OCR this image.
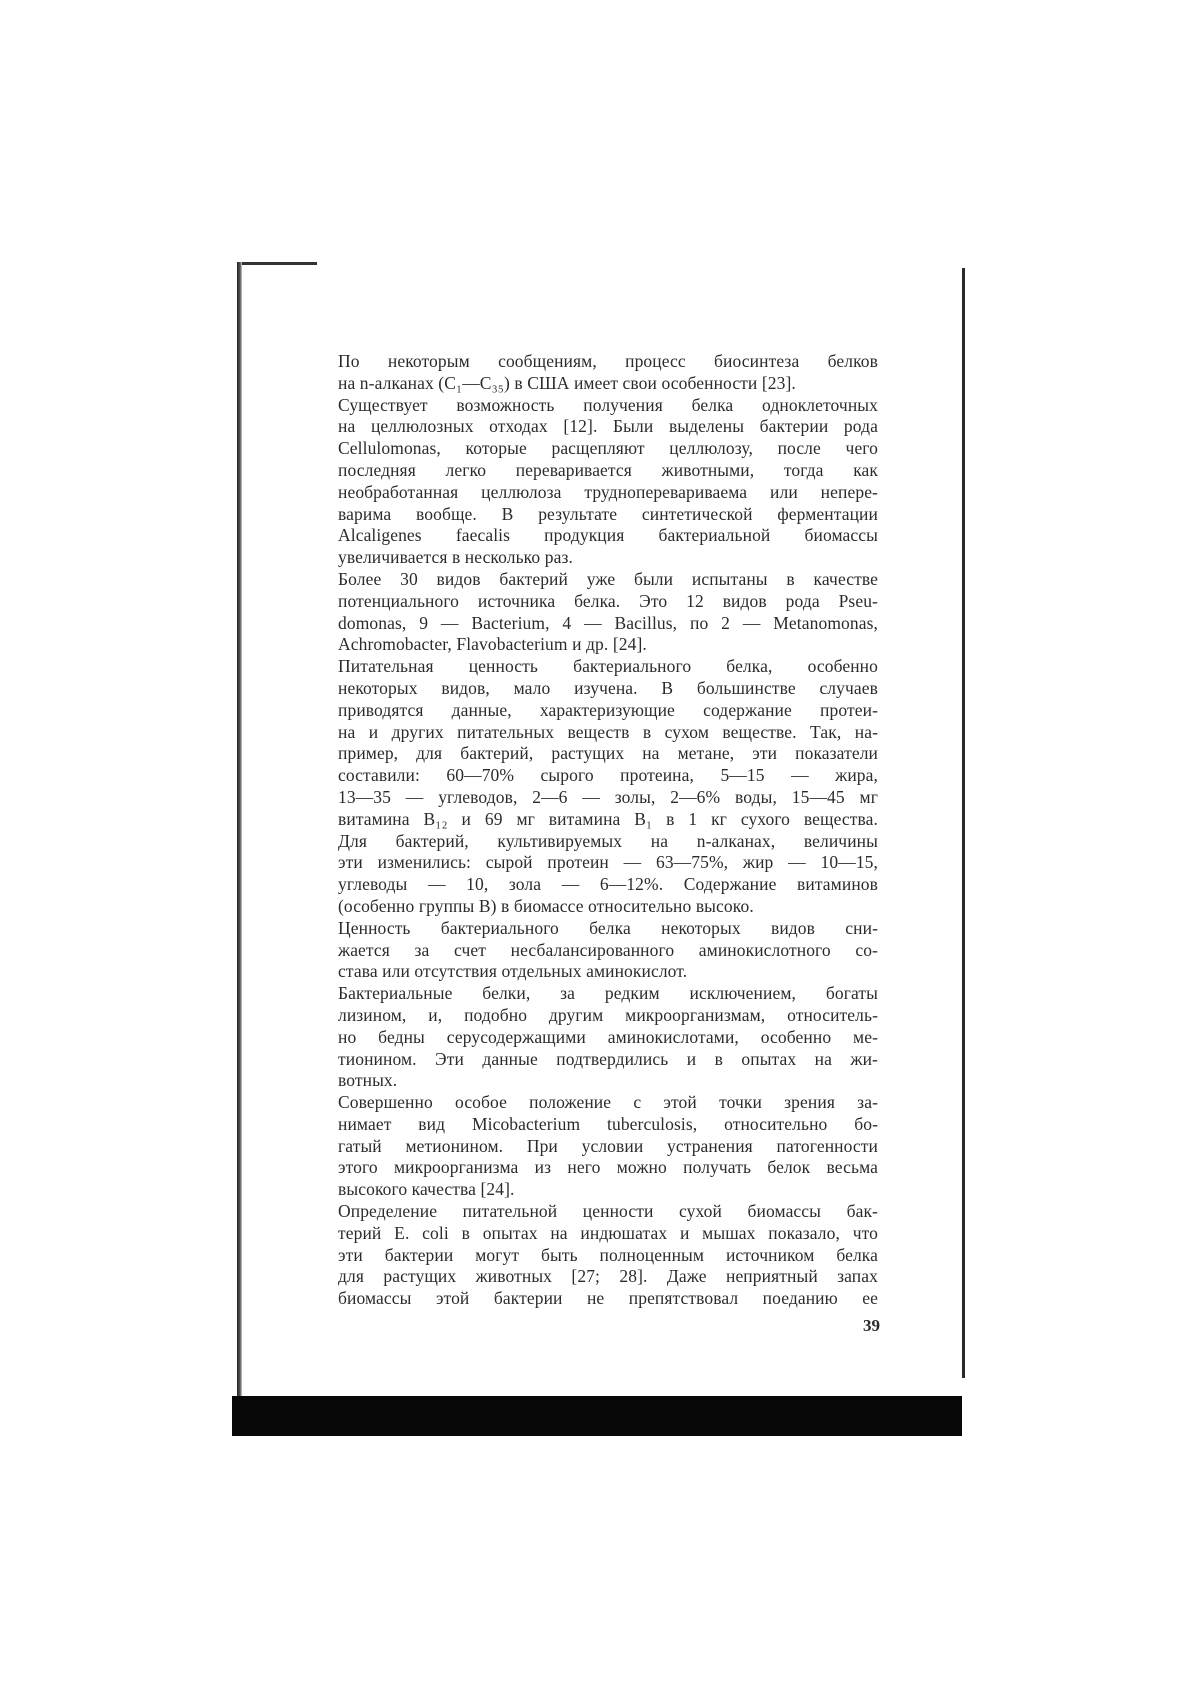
По некоторым сообщениям, процесс биосинтеза белков
на n-алканах (C₁—C₃₅) в США имеет свои особенности [23].
Существует возможность получения белка одноклеточных
на целлюлозных отходах [12]. Были выделены бактерии рода
Cellulomonas, которые расщепляют целлюлозу, после чего
последняя легко переваривается животными, тогда как
необработанная целлюлоза трудноперевариваема или непере-
варима вообще. В результате синтетической ферментации
Alcaligenes faecalis продукция бактериальной биомассы
увеличивается в несколько раз.
Более 30 видов бактерий уже были испытаны в качестве
потенциального источника белка. Это 12 видов рода Pseu-
domonas, 9 — Bacterium, 4 — Bacillus, по 2 — Metanomonas,
Achromobacter, Flavobacterium и др. [24].
Питательная ценность бактериального белка, особенно
некоторых видов, мало изучена. В большинстве случаев
приводятся данные, характеризующие содержание протеи-
на и других питательных веществ в сухом веществе. Так, на-
пример, для бактерий, растущих на метане, эти показатели
составили: 60—70% сырого протеина, 5—15 — жира,
13—35 — углеводов, 2—6 — золы, 2—6% воды, 15—45 мг
витамина B₁₂ и 69 мг витамина B₁ в 1 кг сухого вещества.
Для бактерий, культивируемых на n-алканах, величины
эти изменились: сырой протеин — 63—75%, жир — 10—15,
углеводы — 10, зола — 6—12%. Содержание витаминов
(особенно группы B) в биомассе относительно высоко.
Ценность бактериального белка некоторых видов сни-
жается за счет несбалансированного аминокислотного со-
става или отсутствия отдельных аминокислот.
Бактериальные белки, за редким исключением, богаты
лизином, и, подобно другим микроорганизмам, относитель-
но бедны серусодержащими аминокислотами, особенно ме-
тионином. Эти данные подтвердились и в опытах на жи-
вотных.
Совершенно особое положение с этой точки зрения за-
нимает вид Micobacterium tuberculosis, относительно бо-
гатый метионином. При условии устранения патогенности
этого микроорганизма из него можно получать белок весьма
высокого качества [24].
Определение питательной ценности сухой биомассы бак-
терий E. coli в опытах на индюшатах и мышах показало, что
эти бактерии могут быть полноценным источником белка
для растущих животных [27; 28]. Даже неприятный запах
биомассы этой бактерии не препятствовал поеданию ее
39
